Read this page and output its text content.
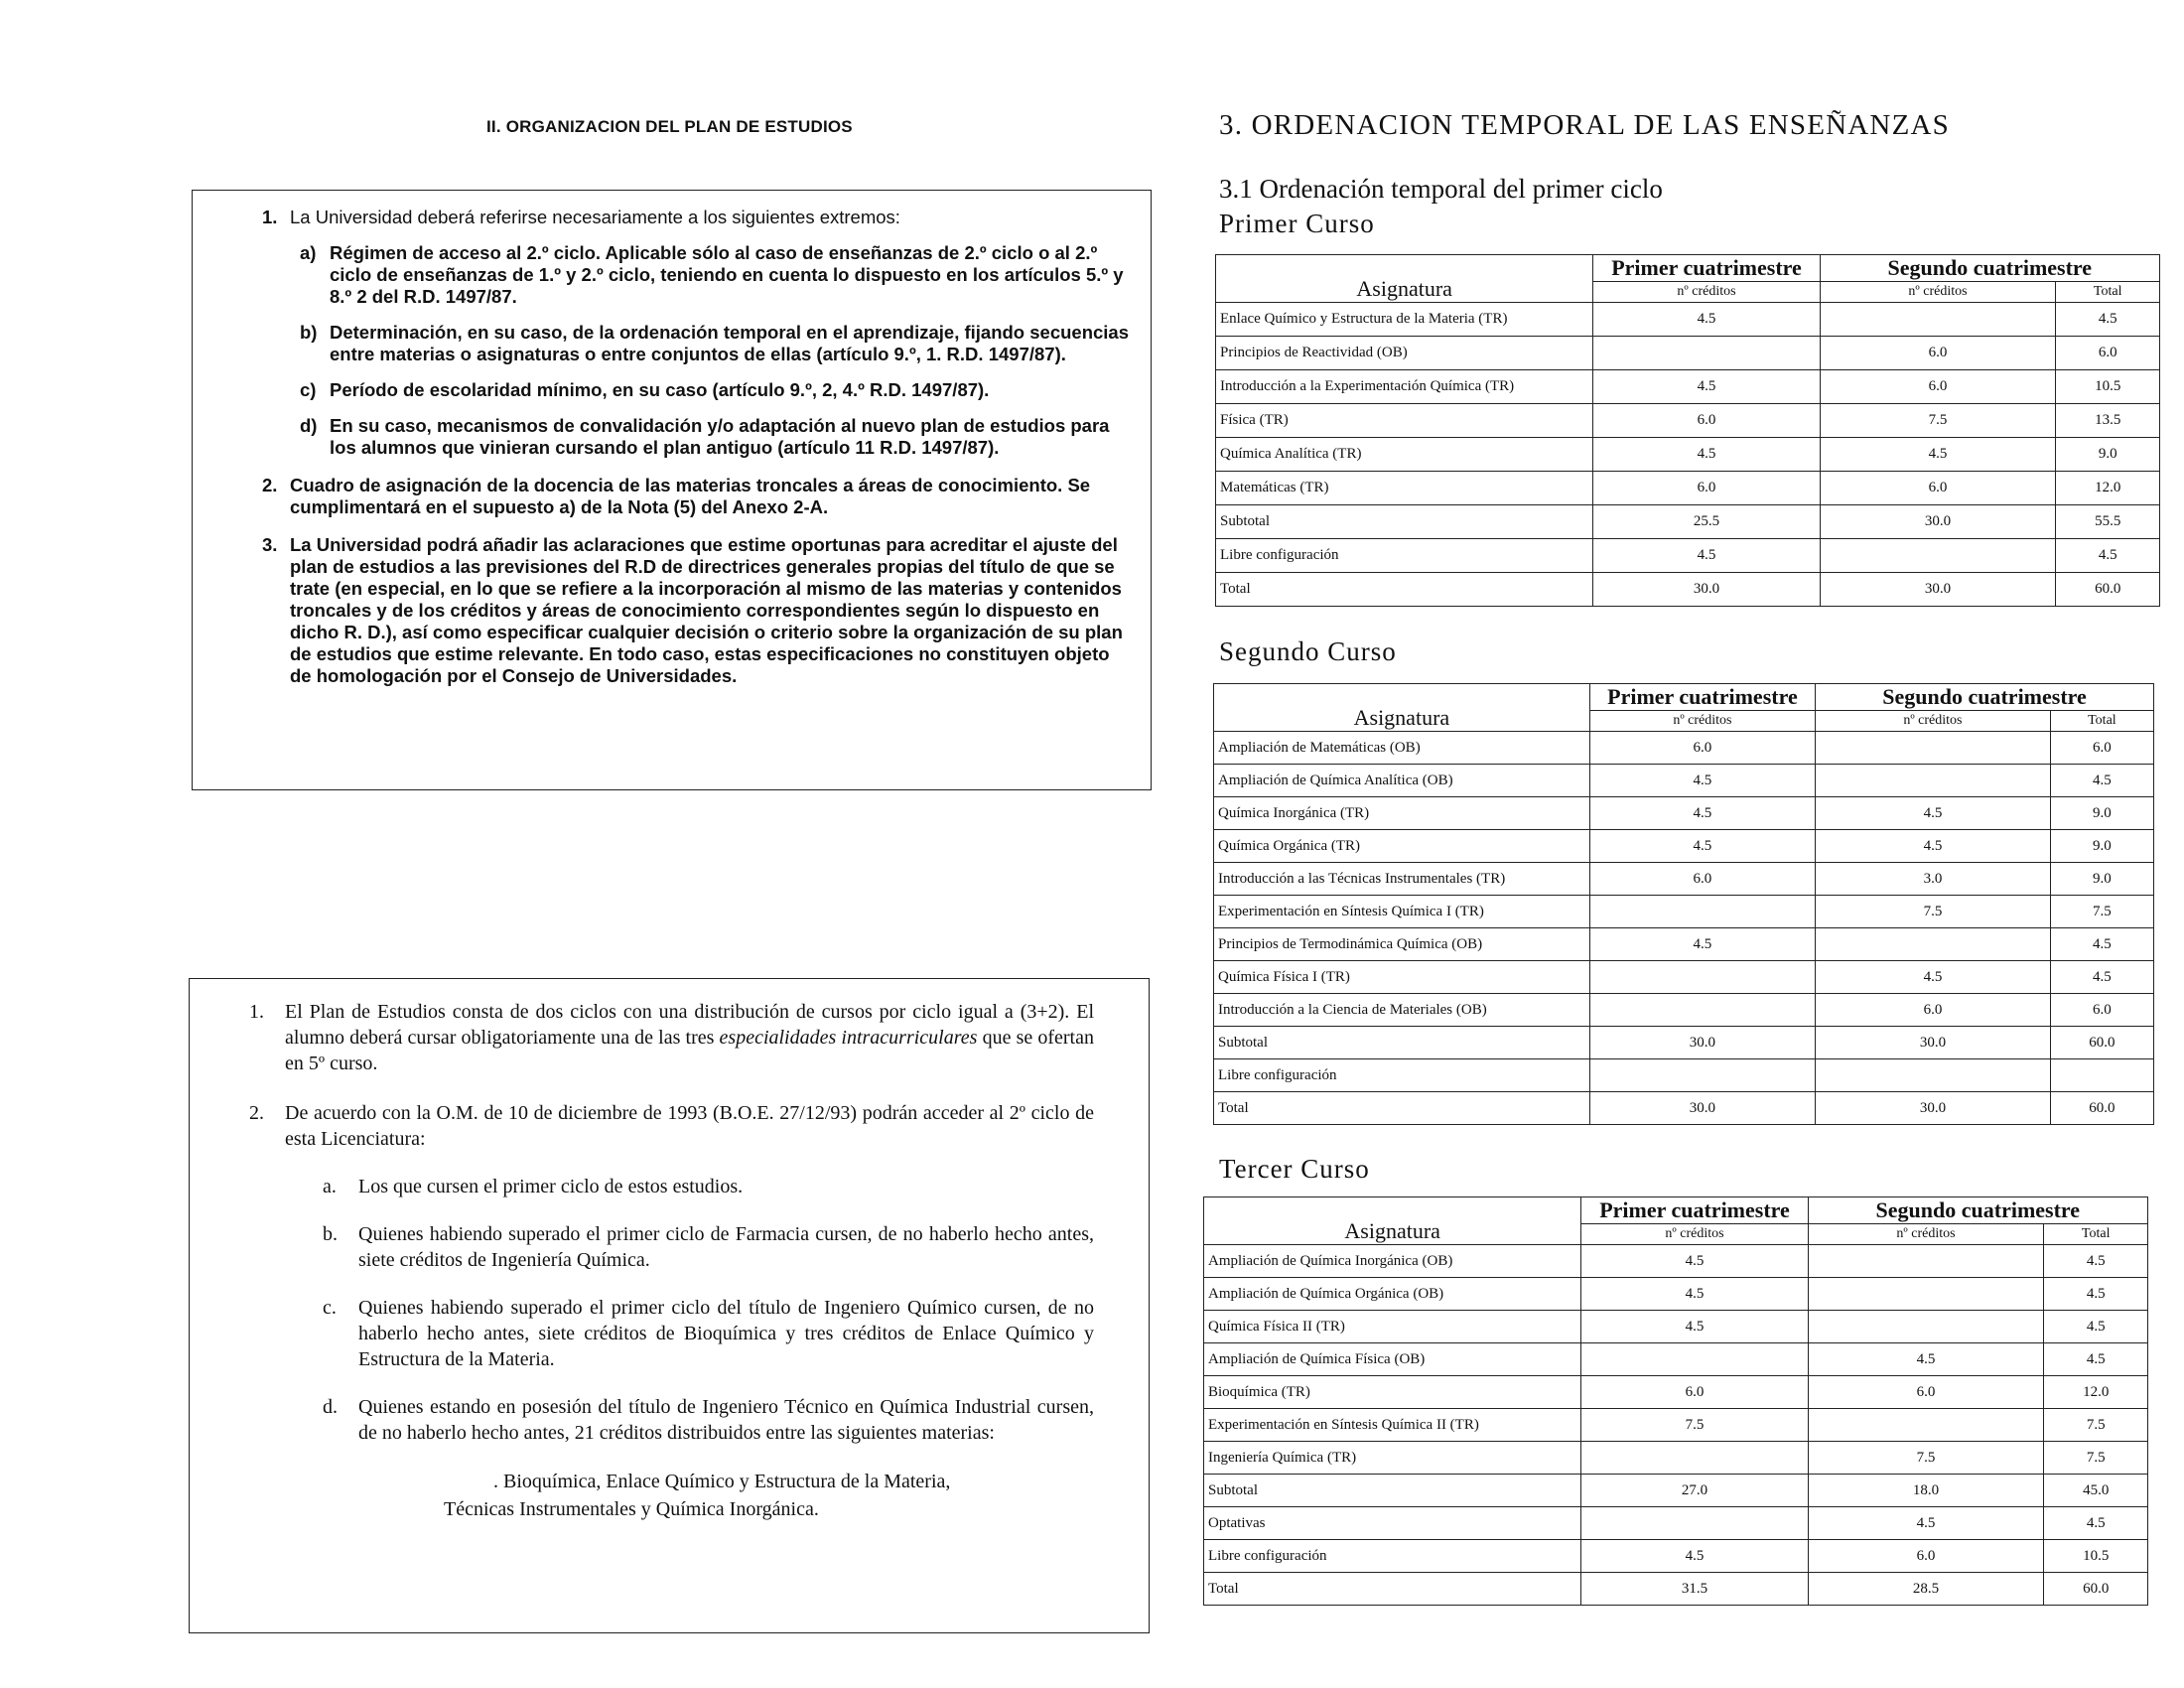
II. ORGANIZACION DEL PLAN DE ESTUDIOS
1. La Universidad deberá referirse necesariamente a los siguientes extremos:

a) Régimen de acceso al 2.º ciclo. Aplicable sólo al caso de enseñanzas de 2.º ciclo o al 2.º ciclo de enseñanzas de 1.º y 2.º ciclo, teniendo en cuenta lo dispuesto en los artículos 5.º y 8.º 2 del R.D. 1497/87.
b) Determinación, en su caso, de la ordenación temporal en el aprendizaje, fijando secuencias entre materias o asignaturas o entre conjuntos de ellas (artículo 9.º, 1. R.D. 1497/87).
c) Período de escolaridad mínimo, en su caso (artículo 9.º, 2, 4.º R.D. 1497/87).
d) En su caso, mecanismos de convalidación y/o adaptación al nuevo plan de estudios para los alumnos que vinieran cursando el plan antiguo (artículo 11 R.D. 1497/87).
2. Cuadro de asignación de la docencia de las materias troncales a áreas de conocimiento. Se cumplimentará en el supuesto a) de la Nota (5) del Anexo 2-A.
3. La Universidad podrá añadir las aclaraciones que estime oportunas para acreditar el ajuste del plan de estudios a las previsiones del R.D de directrices generales propias del título de que se trate (en especial, en lo que se refiere a la incorporación al mismo de las materias y contenidos troncales y de los créditos y áreas de conocimiento correspondientes según lo dispuesto en dicho R. D.), así como especificar cualquier decisión o criterio sobre la organización de su plan de estudios que estime relevante. En todo caso, estas especificaciones no constituyen objeto de homologación por el Consejo de Universidades.
1.	El Plan de Estudios consta de dos ciclos con una distribución de cursos por ciclo igual a (3+2). El alumno deberá cursar obligatoriamente una de las tres especialidades intracurriculares que se ofertan en 5º curso.
2.	De acuerdo con la O.M. de 10 de diciembre de 1993 (B.O.E. 27/12/93) podrán acceder al 2º ciclo de esta Licenciatura:
a.	Los que cursen el primer ciclo de estos estudios.
b.	Quienes habiendo superado el primer ciclo de Farmacia cursen, de no haberlo hecho antes, siete créditos de Ingeniería Química.
c.	Quienes habiendo superado el primer ciclo del título de Ingeniero Químico cursen, de no haberlo hecho antes, siete créditos de Bioquímica y tres créditos de Enlace Químico y Estructura de la Materia.
d.	Quienes estando en posesión del título de Ingeniero Técnico en Química Industrial cursen, de no haberlo hecho antes, 21 créditos distribuidos entre las siguientes materias:
. Bioquímica, Enlace Químico y Estructura de la Materia,
Técnicas Instrumentales y Química Inorgánica.
3. ORDENACION TEMPORAL DE LAS ENSEÑANZAS
3.1 Ordenación temporal del primer ciclo
Primer Curso
Asignatura	Primer cuatrimestre	Segundo cuatrimestre	
	nº créditos	nº créditos	Total
Enlace Químico y Estructura de la Materia (TR)	4.5		4.5
Principios de Reactividad (OB)		6.0	6.0
Introducción a la Experimentación Química (TR)	4.5	6.0	10.5
Física (TR)	6.0	7.5	13.5
Química Analítica (TR)	4.5	4.5	9.0
Matemáticas (TR)	6.0	6.0	12.0
Subtotal	25.5	30.0	55.5
Libre configuración	4.5		4.5
Total	30.0	30.0	60.0
Segundo Curso
Asignatura	Primer cuatrimestre	Segundo cuatrimestre	
	nº créditos	nº créditos	Total
Ampliación de Matemáticas (OB)	6.0		6.0
Ampliación de Química Analítica (OB)	4.5		4.5
Química Inorgánica (TR)	4.5	4.5	9.0
Química Orgánica (TR)	4.5	4.5	9.0
Introducción a las Técnicas Instrumentales (TR)	6.0	3.0	9.0
Experimentación en Síntesis Química I (TR)		7.5	7.5
Principios de Termodinámica Química (OB)	4.5		4.5
Química Física I (TR)		4.5	4.5
Introducción a la Ciencia de Materiales (OB)		6.0	6.0
Subtotal	30.0	30.0	60.0
Libre configuración			
Total	30.0	30.0	60.0
Tercer Curso
Asignatura	Primer cuatrimestre	Segundo cuatrimestre	
	nº créditos	nº créditos	Total
Ampliación de Química Inorgánica (OB)	4.5		4.5
Ampliación de Química Orgánica (OB)	4.5		4.5
Química Física II (TR)	4.5		4.5
Ampliación de Química Física (OB)		4.5	4.5
Bioquímica (TR)	6.0	6.0	12.0
Experimentación en Síntesis Química II (TR)	7.5		7.5
Ingeniería Química (TR)		7.5	7.5
Subtotal	27.0	18.0	45.0
Optativas		4.5	4.5
Libre configuración	4.5	6.0	10.5
Total	31.5	28.5	60.0
